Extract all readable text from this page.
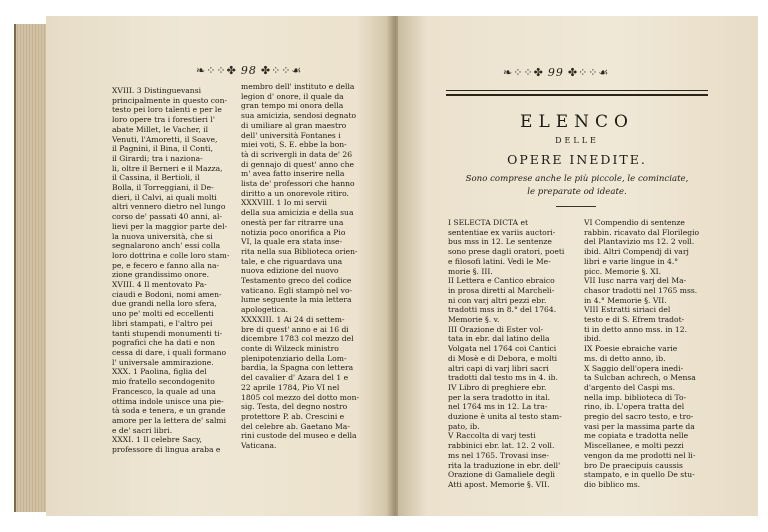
❧⁘⁘✤ 98 ✤⁘⁘☙

XVIII. 3 Distinguevansi

principalmente in questo con-

testo pei loro talenti e per le

loro opere tra i forestieri l'

abate Millet, le Vacher, il

Venuti, l'Amoretti, il Soave,

il Pagnini, il Bina, il Conti,

il Girardi; tra i naziona-

li, oltre il Berneri e il Mazza,

il Cassina, il Bertioli, il

Bolla, il Torreggiani, il De-

dieri, il Calvi, ai quali molti

altri vennero dietro nel lungo

corso de' passati 40 anni, al-

lievi per la maggior parte del-

la nuova università, che si

segnalarono anch' essi colla

loro dottrina e colle loro stam-

pe, e fecero e fanno alla na-

zione grandissimo onore.

XVIII. 4 Il mentovato Pa-

ciaudi e Bodoni, nomi amen-

due grandi nella loro sfera,

uno pe' molti ed eccellenti

libri stampati, e l'altro pei

tanti stupendi monumenti ti-

pografici che ha dati e non

cessa di dare, i quali formano

l' universale ammirazione.

XXX. 1 Paolina, figlia del

mio fratello secondogenito

Francesco, la quale ad una

ottima indole unisce una pie-

tà soda e tenera, e un grande

amore per la lettera de' salmi

e de' sacri libri.

XXXI. 1 Il celebre Sacy,

professore di lingua araba e

membro dell' instituto e della

legion d' onore, il quale da

gran tempo mi onora della

sua amicizia, sendosi degnato

di umiliare al gran maestro

dell' università Fontanes i

miei voti, S. E. ebbe la bon-

tà di scrivergli in data de' 26

di gennajo di quest' anno che

m' avea fatto inserire nella

lista de' professori che hanno

diritto a un onorevole ritiro.

XXXVIII. 1 Io mi servii

della sua amicizia e della sua

onestà per far ritrarre una

notizia poco onorifica a Pio

VI, la quale era stata inse-

rita nella sua Biblioteca orien-

tale, e che riguardava una

nuova edizione del nuovo

Testamento greco del codice

vaticano. Egli stampò nel vo-

lume seguente la mia lettera

apologetica.

XXXXIII. 1 Ai 24 di settem-

bre di quest' anno e ai 16 di

dicembre 1783 col mezzo del

conte di Wilzeck ministro

plenipotenziario della Lom-

bardia, la Spagna con lettera

del cavalier d' Azara del 1 e

22 aprile 1784, Pio VI nel

1805 col mezzo del dotto mon-

sig. Testa, del degno nostro

protettore P. ab. Crescini e

del celebre ab. Gaetano Ma-

rini custode del museo e della

Vaticana.

❧⁘⁘✤ 99 ✤⁘⁘☙
ELENCO
DELLE
OPERE INEDITE.
Sono comprese anche le più piccole, le cominciate,
le preparate od ideate.

I SELECTA DICTA et

sententiae ex variis auctori-

bus mss in 12. Le sentenze

sono prese dagli oratori, poeti

e filosofi latini. Vedi le Me-

morie §. III.

II Lettera e Cantico ebraico

in prosa diretti al Marcheli-

ni con varj altri pezzi ebr.

tradotti mss in 8.° del 1764.

Memorie §. v.

III Orazione di Ester vol-

tata in ebr. dal latino della

Volgata nel 1764 coi Cantici

di Mosè e di Debora, e molti

altri capi di varj libri sacri

tradotti dal testo ms in 4. ib.

IV Libro di preghiere ebr.

per la sera tradotto in ital.

nel 1764 ms in 12. La tra-

duzione è unita al testo stam-

pato, ib.

V Raccolta di varj testi

rabbinici ebr. lat. 12. 2 voll.

ms nel 1765. Trovasi inse-

rita la traduzione in ebr. dell'

Orazione di Gamaliele degli

Atti apost. Memorie §. VII.

VI Compendio di sentenze

rabbin. ricavato dal Florilegio

del Plantavizio ms 12. 2 voll.

ibid. Altri Compendj di varj

libri e varie lingue in 4.°

picc. Memorie §. XI.

VII Iusc narra varj del Ma-

chasor tradotti nel 1765 mss.

in 4.° Memorie §. VII.

VIII Estratti siriaci del

testo e di S. Efrem tradot-

ti in detto anno mss. in 12.

ibid.

IX Poesie ebraiche varie

ms. di detto anno, ib.

X Saggio dell'opera inedi-

ta Sulcban achrech, o Mensa

d'argento del Caspi ms.

nella imp. biblioteca di To-

rino, ib. L'opera tratta del

pregio del sacro testo, e tro-

vasi per la massima parte da

me copiata e tradotta nelle

Miscellanee, e molti pezzi

vengon da me prodotti nel li-

bro De praecipuis caussis

stampato, e in quello De stu-

dio biblico ms.
